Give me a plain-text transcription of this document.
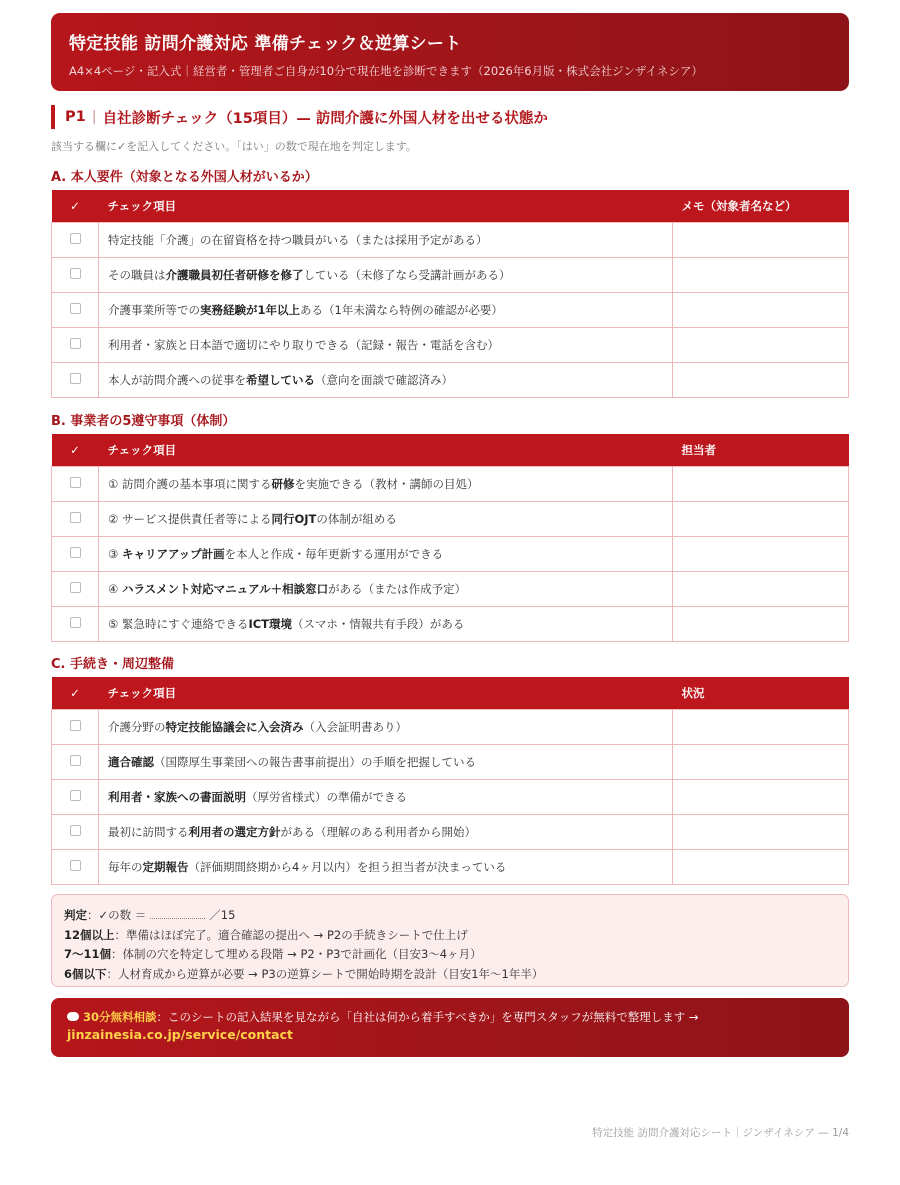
特定技能 訪問介護対応 準備チェック＆逆算シート
A4×4ページ・記入式｜経営者・管理者ご自身が10分で現在地を診断できます（2026年6月版・株式会社ジンザイネシア）
P1 | 自社診断チェック（15項目）— 訪問介護に外国人材を出せる状態か
該当する欄に✓を記入してください。「はい」の数で現在地を判定します。
A. 本人要件（対象となる外国人材がいるか）
✓	チェック項目	メモ（対象者名など）
	特定技能「介護」の在留資格を持つ職員がいる（または採用予定がある）	
	その職員は介護職員初任者研修を修了している（未修了なら受講計画がある）	
	介護事業所等での実務経験が1年以上ある（1年未満なら特例の確認が必要）	
	利用者・家族と日本語で適切にやり取りできる（記録・報告・電話を含む）	
	本人が訪問介護への従事を希望している（意向を面談で確認済み）	
B. 事業者の5遵守事項（体制）
✓	チェック項目	担当者
	① 訪問介護の基本事項に関する研修を実施できる（教材・講師の目処）	
	② サービス提供責任者等による同行OJTの体制が組める	
	③ キャリアアップ計画を本人と作成・毎年更新する運用ができる	
	④ ハラスメント対応マニュアル＋相談窓口がある（または作成予定）	
	⑤ 緊急時にすぐ連絡できるICT環境（スマホ・情報共有手段）がある	
C. 手続き・周辺整備
✓	チェック項目	状況
	介護分野の特定技能協議会に入会済み（入会証明書あり）	
	適合確認（国際厚生事業団への報告書事前提出）の手順を把握している	
	利用者・家族への書面説明（厚労省様式）の準備ができる	
	最初に訪問する利用者の選定方針がある（理解のある利用者から開始）	
	毎年の定期報告（評価期間終期から4ヶ月以内）を担う担当者が決まっている	
判定：✓の数 ＝	／15
12個以上：準備はほぼ完了。適合確認の提出へ → P2の手続きシートで仕上げ
7〜11個：体制の穴を特定して埋める段階 → P2・P3で計画化（目安3〜4ヶ月）
6個以下：人材育成から逆算が必要 → P3の逆算シートで開始時期を設計（目安1年〜1年半）
30分無料相談：このシートの記入結果を見ながら「自社は何から着手すべきか」を専門スタッフが無料で整理します →
jinzainesia.co.jp/service/contact
特定技能 訪問介護対応シート｜ジンザイネシア — 1/4
